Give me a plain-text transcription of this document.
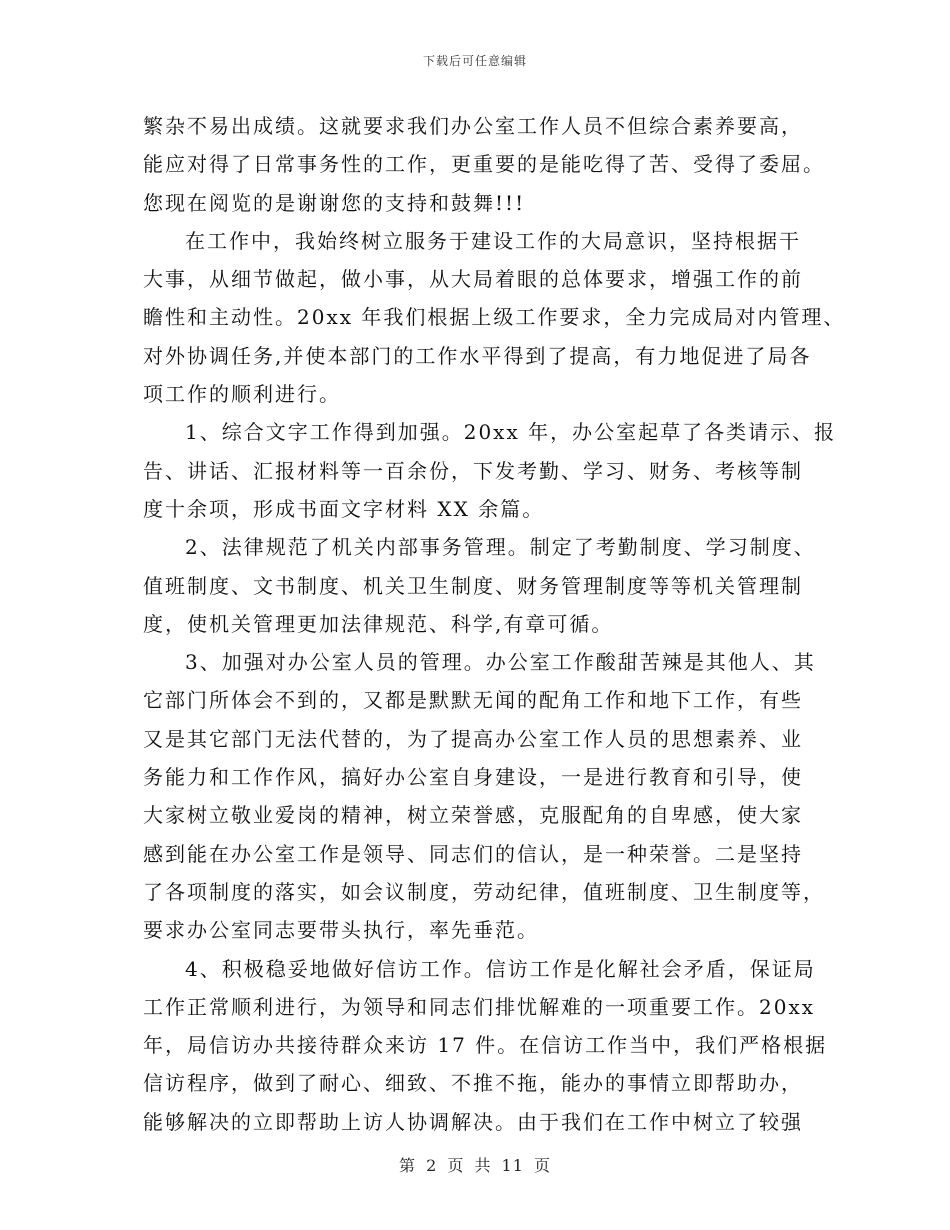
下载后可任意编辑
繁杂不易出成绩。这就要求我们办公室工作人员不但综合素养要高，
能应对得了日常事务性的工作，更重要的是能吃得了苦、受得了委屈。
您现在阅览的是谢谢您的支持和鼓舞!!!
在工作中，我始终树立服务于建设工作的大局意识，坚持根据干
大事，从细节做起，做小事，从大局着眼的总体要求，增强工作的前
瞻性和主动性。20xx 年我们根据上级工作要求，全力完成局对内管理、
对外协调任务,并使本部门的工作水平得到了提高，有力地促进了局各
项工作的顺利进行。
1、综合文字工作得到加强。20xx 年，办公室起草了各类请示、报
告、讲话、汇报材料等一百余份，下发考勤、学习、财务、考核等制
度十余项，形成书面文字材料 XX 余篇。
2、法律规范了机关内部事务管理。制定了考勤制度、学习制度、
值班制度、文书制度、机关卫生制度、财务管理制度等等机关管理制
度，使机关管理更加法律规范、科学,有章可循。
3、加强对办公室人员的管理。办公室工作酸甜苦辣是其他人、其
它部门所体会不到的，又都是默默无闻的配角工作和地下工作，有些
又是其它部门无法代替的，为了提高办公室工作人员的思想素养、业
务能力和工作作风，搞好办公室自身建设，一是进行教育和引导，使
大家树立敬业爱岗的精神，树立荣誉感，克服配角的自卑感，使大家
感到能在办公室工作是领导、同志们的信认，是一种荣誉。二是坚持
了各项制度的落实，如会议制度，劳动纪律，值班制度、卫生制度等，
要求办公室同志要带头执行，率先垂范。
4、积极稳妥地做好信访工作。信访工作是化解社会矛盾，保证局
工作正常顺利进行，为领导和同志们排忧解难的一项重要工作。20xx
年，局信访办共接待群众来访 17 件。在信访工作当中，我们严格根据
信访程序，做到了耐心、细致、不推不拖，能办的事情立即帮助办，
能够解决的立即帮助上访人协调解决。由于我们在工作中树立了较强
第 2 页 共 11 页
